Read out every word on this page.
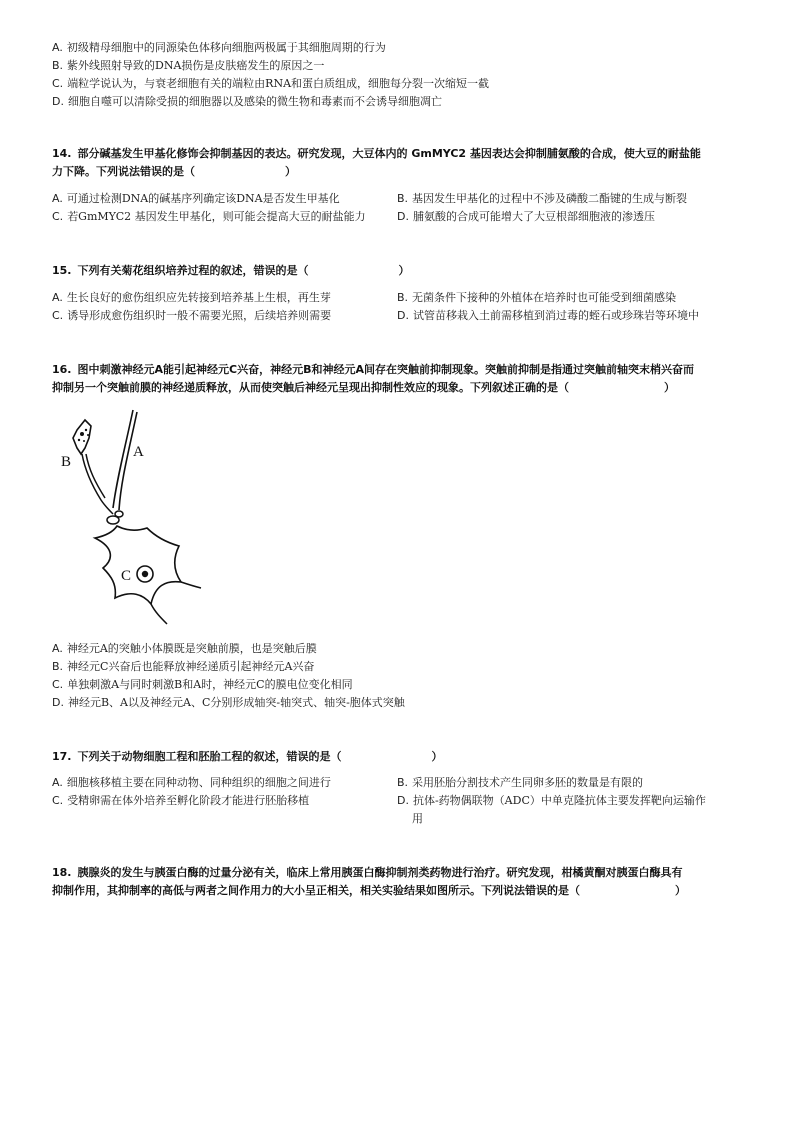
A. 初级精母细胞中的同源染色体移向细胞两极属于其细胞周期的行为
B. 紫外线照射导致的DNA损伤是皮肤癌发生的原因之一
C. 端粒学说认为，与衰老细胞有关的端粒由RNA和蛋白质组成，细胞每分裂一次缩短一截
D. 细胞自噬可以清除受损的细胞器以及感染的微生物和毒素而不会诱导细胞凋亡
14. 部分碱基发生甲基化修饰会抑制基因的表达。研究发现，大豆体内的 GmMYC2 基因表达会抑制脯氨酸的合成，使大豆的耐盐能
力下降。下列说法错误的是（	）
A. 可通过检测DNA的碱基序列确定该DNA是否发生甲基化	B. 基因发生甲基化的过程中不涉及磷酸二酯键的生成与断裂
C. 若GmMYC2 基因发生甲基化，则可能会提高大豆的耐盐能力	D. 脯氨酸的合成可能增大了大豆根部细胞液的渗透压
15. 下列有关菊花组织培养过程的叙述，错误的是（	）
A. 生长良好的愈伤组织应先转接到培养基上生根，再生芽	B. 无菌条件下接种的外植体在培养时也可能受到细菌感染
C. 诱导形成愈伤组织时一般不需要光照，后续培养则需要	D. 试管苗移栽入土前需移植到消过毒的蛭石或珍珠岩等环境中
16. 图中刺激神经元A能引起神经元C兴奋，神经元B和神经元A间存在突触前抑制现象。突触前抑制是指通过突触前轴突末梢兴奋而
抑制另一个突触前膜的神经递质释放，从而使突触后神经元呈现出抑制性效应的现象。下列叙述正确的是（	）
A
B
C
A. 神经元A的突触小体膜既是突触前膜，也是突触后膜
B. 神经元C兴奋后也能释放神经递质引起神经元A兴奋
C. 单独刺激A与同时刺激B和A时，神经元C的膜电位变化相同
D. 神经元B、A以及神经元A、C分别形成轴突-轴突式、轴突-胞体式突触
17. 下列关于动物细胞工程和胚胎工程的叙述，错误的是（	）
A. 细胞核移植主要在同种动物、同种组织的细胞之间进行	B. 采用胚胎分割技术产生同卵多胚的数量是有限的
C. 受精卵需在体外培养至孵化阶段才能进行胚胎移植	D. 抗体-药物偶联物（ADC）中单克隆抗体主要发挥靶向运输作
用
18. 胰腺炎的发生与胰蛋白酶的过量分泌有关，临床上常用胰蛋白酶抑制剂类药物进行治疗。研究发现，柑橘黄酮对胰蛋白酶具有
抑制作用，其抑制率的高低与两者之间作用力的大小呈正相关，相关实验结果如图所示。下列说法错误的是（	）
